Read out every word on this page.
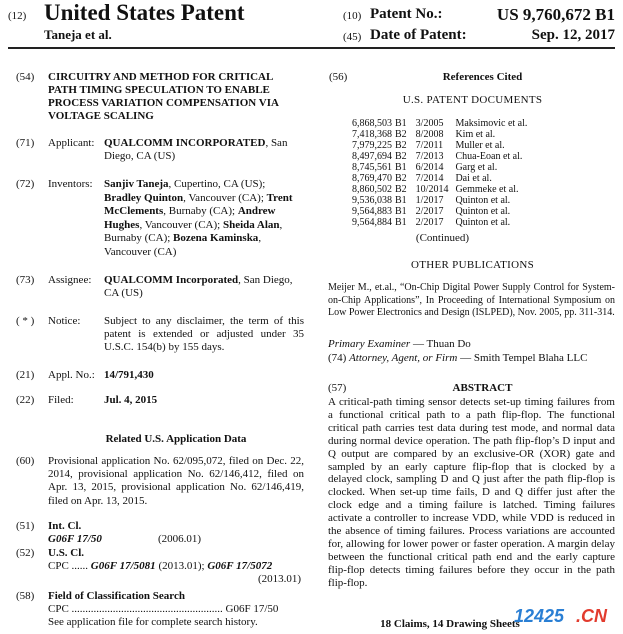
(12) United States Patent
Taneja et al.
(10) Patent No.:	US 9,760,672 B1
(45) Date of Patent:	Sep. 12, 2017
(54) CIRCUITRY AND METHOD FOR CRITICAL PATH TIMING SPECULATION TO ENABLE PROCESS VARIATION COMPENSATION VIA VOLTAGE SCALING
(71) Applicant: QUALCOMM INCORPORATED, San Diego, CA (US)
(72) Inventors: Sanjiv Taneja, Cupertino, CA (US); Bradley Quinton, Vancouver (CA); Trent McClements, Burnaby (CA); Andrew Hughes, Vancouver (CA); Sheida Alan, Burnaby (CA); Bozena Kaminska, Vancouver (CA)
(73) Assignee: QUALCOMM Incorporated, San Diego, CA (US)
( * ) Notice: Subject to any disclaimer, the term of this patent is extended or adjusted under 35 U.S.C. 154(b) by 155 days.
(21) Appl. No.: 14/791,430
(22) Filed:	Jul. 4, 2015
Related U.S. Application Data
(60) Provisional application No. 62/095,072, filed on Dec. 22, 2014, provisional application No. 62/146,412, filed on Apr. 13, 2015, provisional application No. 62/146,419, filed on Apr. 13, 2015.
(51) Int. Cl.
G06F 17/50	(2006.01)
(52) U.S. Cl.
CPC ...... G06F 17/5081 (2013.01); G06F 17/5072
(2013.01)
(58) Field of Classification Search
CPC ....................................................... G06F 17/50
See application file for complete search history.
(56)	References Cited
U.S. PATENT DOCUMENTS
6,868,503	B1	3/2005	Maksimovic et al.
7,418,368	B2	8/2008	Kim et al.
7,979,225	B2	7/2011	Muller et al.
8,497,694	B2	7/2013	Chua-Eoan et al.
8,745,561	B1	6/2014	Garg et al.
8,769,470	B2	7/2014	Dai et al.
8,860,502	B2	10/2014	Gemmeke et al.
9,536,038	B1	1/2017	Quinton et al.
9,564,883	B1	2/2017	Quinton et al.
9,564,884	B1	2/2017	Quinton et al.
(Continued)
OTHER PUBLICATIONS
Meijer M., et.al., “On-Chip Digital Power Supply Control for System-on-Chip Applications”, In Proceeding of International Symposium on Low Power Electronics and Design (ISLPED), Nov. 2005, pp. 311-314.
Primary Examiner — Thuan Do
(74) Attorney, Agent, or Firm — Smith Tempel Blaha LLC
(57)	ABSTRACT
A critical-path timing sensor detects set-up timing failures from a functional critical path to a path flip-flop. The functional critical path carries test data during test mode, and normal data during normal device operation. The path flip-flop’s D input and Q output are compared by an exclusive-OR (XOR) gate and sampled by an early capture flip-flop that is clocked by a delayed clock, sampling D and Q just after the path flip-flop is clocked. When set-up time fails, D and Q differ just after the clock edge and a timing failure is latched. Timing failures activate a controller to increase VDD, while VDD is reduced in the absence of timing failures. Process variations are accounted for, allowing for lower power or faster operation. A margin delay between the functional critical path end and the early capture flip-flop detects timing failures before they occur in the path flip-flop.
18 Claims, 14 Drawing Sheets
12425 .CN
